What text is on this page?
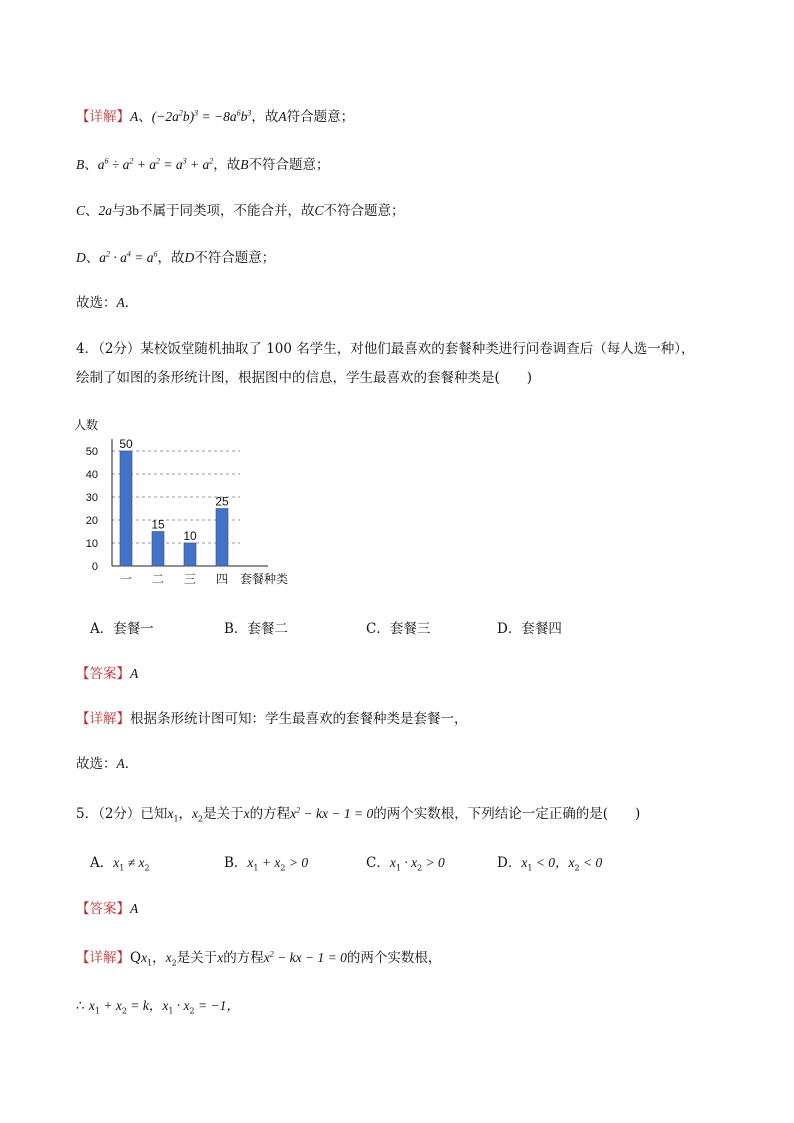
【详解】A、$(-2a^2b)^3 = -8a^6b^3$，故A符合题意；
B、$a^6 \div a^2 + a^2 = a^3 + a^2$，故B不符合题意；
C、2a与3b不属于同类项，不能合并，故C不符合题意；
D、$a^2 \cdot a^4 = a^6$，故D不符合题意；
故选：A．
4．（2分）某校饭堂随机抽取了 100 名学生，对他们最喜欢的套餐种类进行问卷调查后（每人选一种），
绘制了如图的条形统计图，根据图中的信息，学生最喜欢的套餐种类是(　　)
人数
0
10
20
30
40
50
50
一
15
二
10
三
25
四 套餐种类
A．套餐一	B．套餐二	C．套餐三	D．套餐四
【答案】A
【详解】根据条形统计图可知：学生最喜欢的套餐种类是套餐一，
故选：A．
5．（2分）已知$x_1$，$x_2$是关于x的方程$x^2$ − kx − 1 = 0的两个实数根，下列结论一定正确的是(　　)
A．$x_1 \ne x_2$	B．$x_1 + x_2 > 0$	C．$x_1 \cdot x_2 > 0$	D．$x_1 < 0$，$x_2 < 0$
【答案】A
【详解】$Qx_1$，$x_2$是关于x的方程$x^2$ − kx − 1 = 0的两个实数根，
∴ $x_1 + x_2 = k$，$x_1 \cdot x_2 = -1$，
